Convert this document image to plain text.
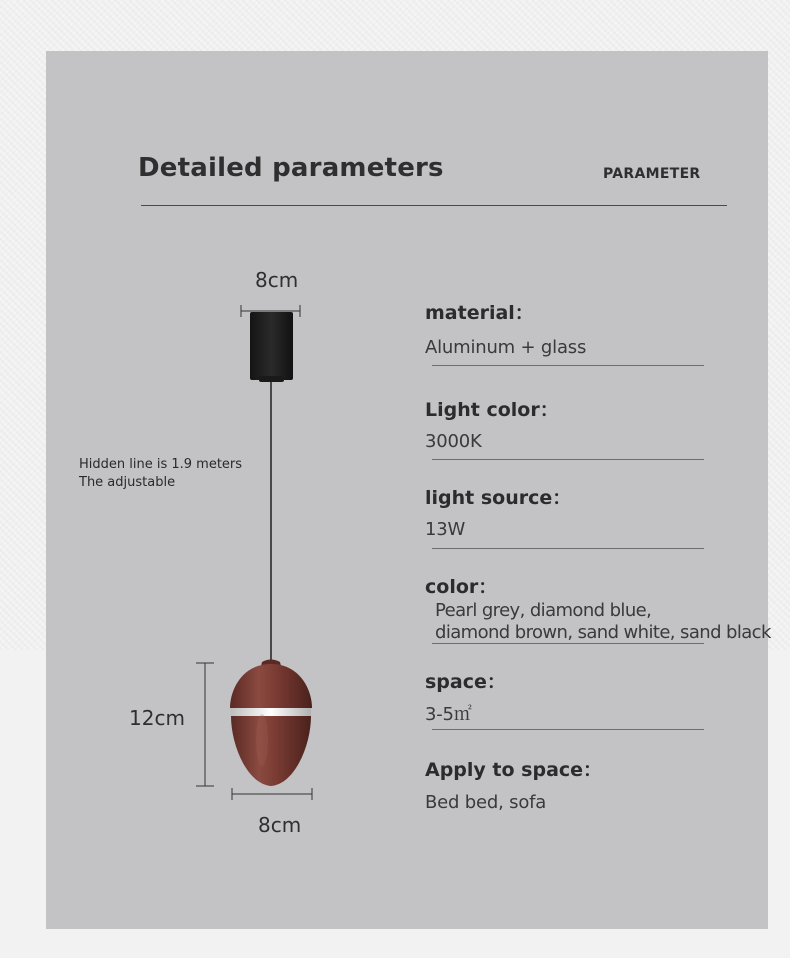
Detailed parameters	PARAMETER
8cm
12cm
8cm
Hidden line is 1.9 meters
The adjustable
material：
Aluminum + glass
Light color：
3000K
light source：
13W
color：
Pearl grey, diamond blue,
diamond brown, sand white, sand black
space：
3-5㎡
Apply to space：
Bed bed, sofa
